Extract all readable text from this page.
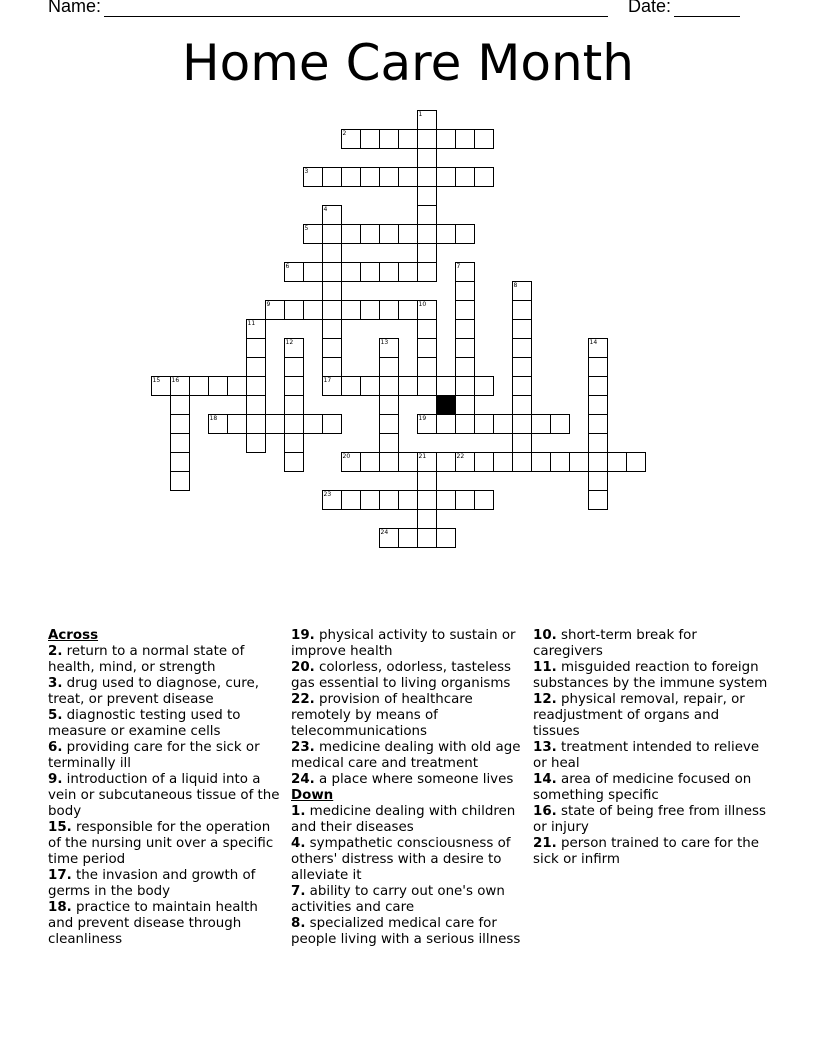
Name:	Date:
Home Care Month
1
2
3
4
5
6	7
8
9	10
11
12	13	14
15 16	17
18	19
20	21	22
23
24
Across
2. return to a normal state of health, mind, or strength
3. drug used to diagnose, cure, treat, or prevent disease
5. diagnostic testing used to measure or examine cells
6. providing care for the sick or terminally ill
9. introduction of a liquid into a vein or subcutaneous tissue of the body
15. responsible for the operation of the nursing unit over a specific time period
17. the invasion and growth of germs in the body
18. practice to maintain health and prevent disease through cleanliness
19. physical activity to sustain or improve health
20. colorless, odorless, tasteless gas essential to living organisms
22. provision of healthcare remotely by means of telecommunications
23. medicine dealing with old age medical care and treatment
24. a place where someone lives
Down
1. medicine dealing with children and their diseases
4. sympathetic consciousness of others' distress with a desire to alleviate it
7. ability to carry out one's own activities and care
8. specialized medical care for people living with a serious illness
10. short-term break for caregivers
11. misguided reaction to foreign substances by the immune system
12. physical removal, repair, or readjustment of organs and tissues
13. treatment intended to relieve or heal
14. area of medicine focused on something specific
16. state of being free from illness or injury
21. person trained to care for the sick or infirm
